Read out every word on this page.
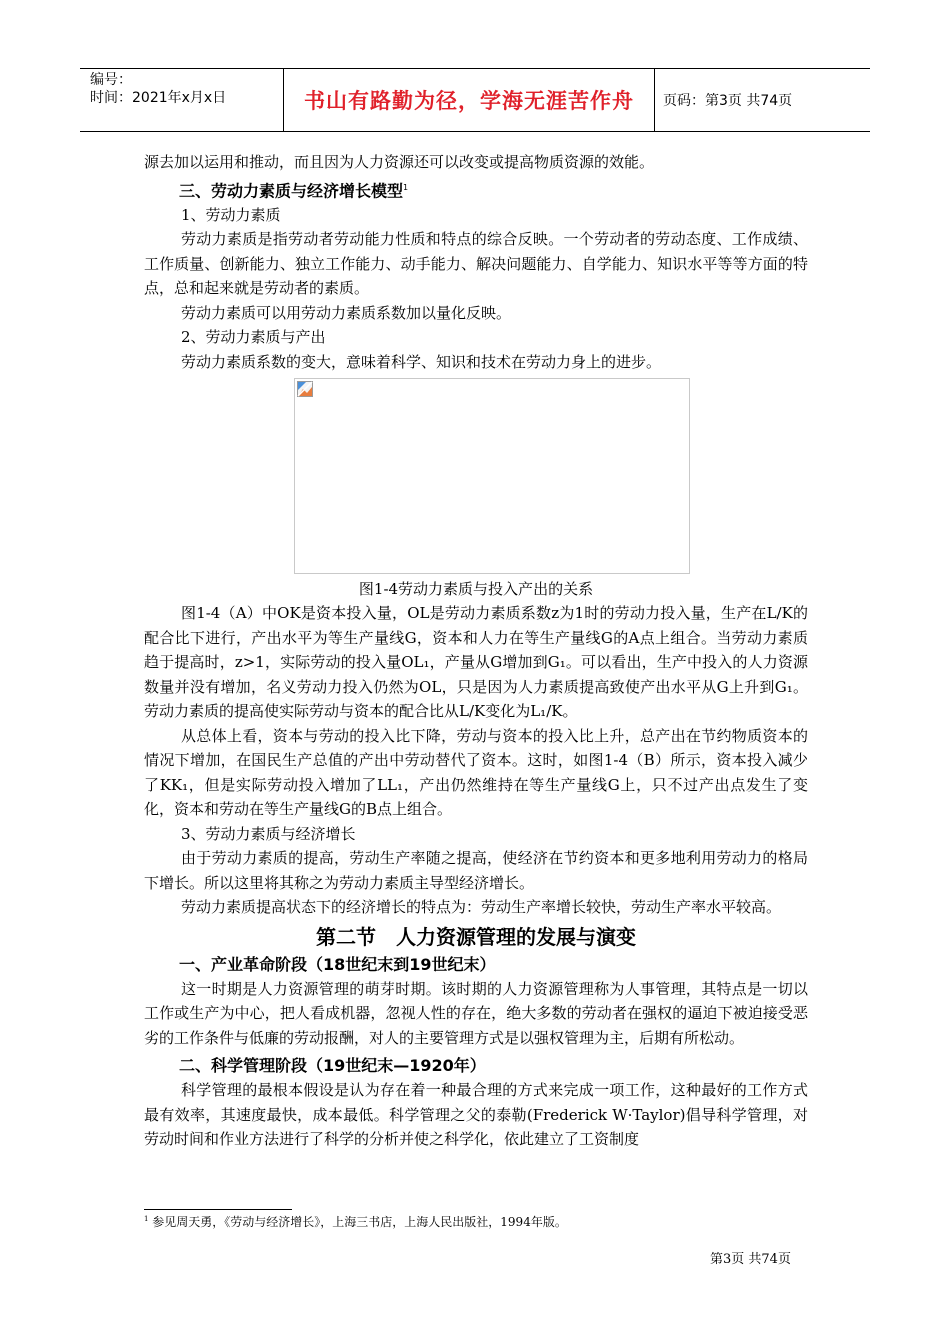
编号：
时间：2021年x月x日	书山有路勤为径，学海无涯苦作舟 页码：第3页 共74页

源去加以运用和推动，而且因为人力资源还可以改变或提高物质资源的效能。

三、劳动力素质与经济增长模型$^1$

1、劳动力素质

劳动力素质是指劳动者劳动能力性质和特点的综合反映。一个劳动者的劳动态度、工作成绩、工作质量、创新能力、独立工作能力、动手能力、解决问题能力、自学能力、知识水平等等方面的特点，总和起来就是劳动者的素质。

劳动力素质可以用劳动力素质系数加以量化反映。

2、劳动力素质与产出

劳动力素质系数的变大，意味着科学、知识和技术在劳动力身上的进步。

图1-4劳动力素质与投入产出的关系

图1-4（A）中OK是资本投入量，OL是劳动力素质系数z为1时的劳动力投入量，生产在L/K的配合比下进行，产出水平为等生产量线G，资本和人力在等生产量线G的A点上组合。当劳动力素质趋于提高时，z>1，实际劳动的投入量OL₁，产量从G增加到G₁。可以看出，生产中投入的人力资源数量并没有增加，名义劳动力投入仍然为OL，只是因为人力素质提高致使产出水平从G上升到G₁。劳动力素质的提高使实际劳动与资本的配合比从L/K变化为L₁/K。

从总体上看，资本与劳动的投入比下降，劳动与资本的投入比上升，总产出在节约物质资本的情况下增加，在国民生产总值的产出中劳动替代了资本。这时，如图1-4（B）所示，资本投入减少了KK₁，但是实际劳动投入增加了LL₁，产出仍然维持在等生产量线G上，只不过产出点发生了变化，资本和劳动在等生产量线G的B点上组合。

3、劳动力素质与经济增长

由于劳动力素质的提高，劳动生产率随之提高，使经济在节约资本和更多地利用劳动力的格局下增长。所以这里将其称之为劳动力素质主导型经济增长。

劳动力素质提高状态下的经济增长的特点为：劳动生产率增长较快，劳动生产率水平较高。

第二节　人力资源管理的发展与演变
一、产业革命阶段（18世纪末到19世纪末）

这一时期是人力资源管理的萌芽时期。该时期的人力资源管理称为人事管理，其特点是一切以工作或生产为中心，把人看成机器，忽视人性的存在，绝大多数的劳动者在强权的逼迫下被迫接受恶劣的工作条件与低廉的劳动报酬，对人的主要管理方式是以强权管理为主，后期有所松动。

二、科学管理阶段（19世纪末—1920年）

科学管理的最根本假设是认为存在着一种最合理的方式来完成一项工作，这种最好的工作方式最有效率，其速度最快，成本最低。科学管理之父的泰勒(Frederick W·Taylor)倡导科学管理，对劳动时间和作业方法进行了科学的分析并使之科学化，依此建立了工资制度

$^1$ 参见周天勇，《劳动与经济增长》，上海三书店，上海人民出版社，1994年版。
第3页 共74页
